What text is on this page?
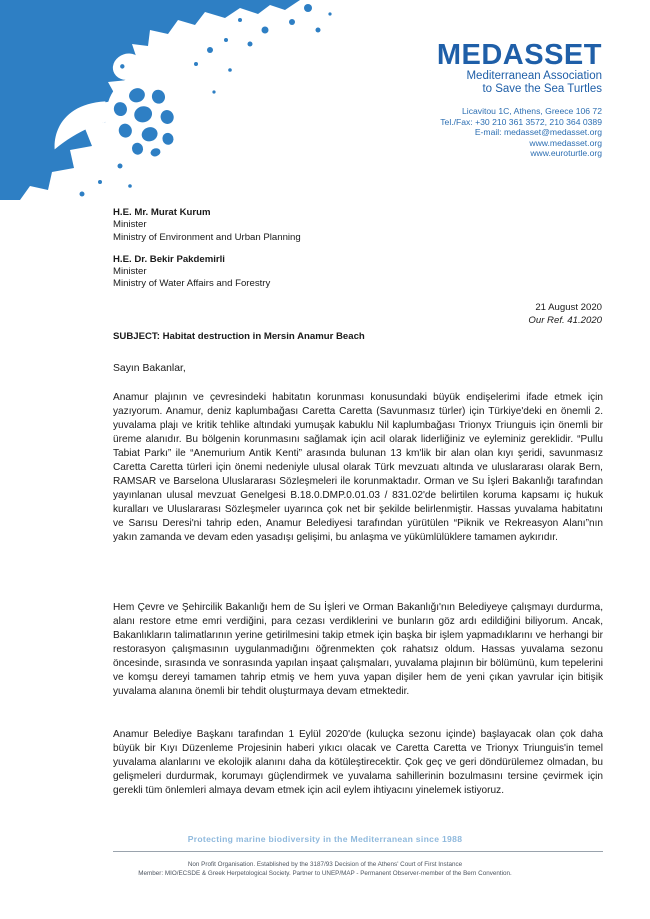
MEDASSET
Mediterranean Association
to Save the Sea Turtles
Licavitou 1C, Athens, Greece 106 72
Tel./Fax: +30 210 361 3572, 210 364 0389
E-mail: medasset@medasset.org
www.medasset.org
www.euroturtle.org
H.E. Mr. Murat Kurum
Minister
Ministry of Environment and Urban Planning
H.E. Dr. Bekir Pakdemirli
Minister
Ministry of Water Affairs and Forestry
21 August 2020
Our Ref. 41.2020
SUBJECT: Habitat destruction in Mersin Anamur Beach
Sayın Bakanlar,

Anamur plajının ve çevresindeki habitatın korunması konusundaki büyük endişelerimi ifade etmek için yazıyorum. Anamur, deniz kaplumbağası Caretta Caretta (Savunmasız türler) için Türkiye'deki en önemli 2. yuvalama plajı ve kritik tehlike altındaki yumuşak kabuklu Nil kaplumbağası Trionyx Triunguis için önemli bir üreme alanıdır. Bu bölgenin korunmasını sağlamak için acil olarak liderliğiniz ve eyleminiz gereklidir. “Pullu Tabiat Parkı” ile “Anemurium Antik Kenti” arasında bulunan 13 km'lik bir alan olan kıyı şeridi, savunmasız Caretta Caretta türleri için önemi nedeniyle ulusal olarak Türk mevzuatı altında ve uluslararası olarak Bern, RAMSAR ve Barselona Uluslararası Sözleşmeleri ile korunmaktadır. Orman ve Su İşleri Bakanlığı tarafından yayınlanan ulusal mevzuat Genelgesi B.18.0.DMP.0.01.03 / 831.02'de belirtilen koruma kapsamı iç hukuk kuralları ve Uluslararası Sözleşmeler uyarınca çok net bir şekilde belirlenmiştir. Hassas yuvalama habitatını ve Sarısu Deresi'ni tahrip eden, Anamur Belediyesi tarafından yürütülen “Piknik ve Rekreasyon Alanı”nın yakın zamanda ve devam eden yasadışı gelişimi, bu anlaşma ve yükümlülüklere tamamen aykırıdır.

Hem Çevre ve Şehircilik Bakanlığı hem de Su İşleri ve Orman Bakanlığı'nın Belediyeye çalışmayı durdurma, alanı restore etme emri verdiğini, para cezası verdiklerini ve bunların göz ardı edildiğini biliyorum. Ancak, Bakanlıkların talimatlarının yerine getirilmesini takip etmek için başka bir işlem yapmadıklarını ve herhangi bir restorasyon çalışmasının uygulanmadığını öğrenmekten çok rahatsız oldum. Hassas yuvalama sezonu öncesinde, sırasında ve sonrasında yapılan inşaat çalışmaları, yuvalama plajının bir bölümünü, kum tepelerini ve komşu dereyi tamamen tahrip etmiş ve hem yuva yapan dişiler hem de yeni çıkan yavrular için bitişik yuvalama alanına önemli bir tehdit oluşturmaya devam etmektedir.

Anamur Belediye Başkanı tarafından 1 Eylül 2020'de (kuluçka sezonu içinde) başlayacak olan çok daha büyük bir Kıyı Düzenleme Projesinin haberi yıkıcı olacak ve Caretta Caretta ve Trionyx Triunguis'in temel yuvalama alanlarını ve ekolojik alanını daha da kötüleştirecektir. Çok geç ve geri döndürülemez olmadan, bu gelişmeleri durdurmak, korumayı güçlendirmek ve yuvalama sahillerinin bozulmasını tersine çevirmek için gerekli tüm önlemleri almaya devam etmek için acil eylem ihtiyacını yinelemek istiyoruz.

Protecting marine biodiversity in the Mediterranean since 1988
Non Profit Organisation. Established by the 3187/93 Decision of the Athens' Court of First Instance
Member: MIO/ECSDE & Greek Herpetological Society. Partner to UNEP/MAP - Permanent Observer-member of the Bern Convention.
